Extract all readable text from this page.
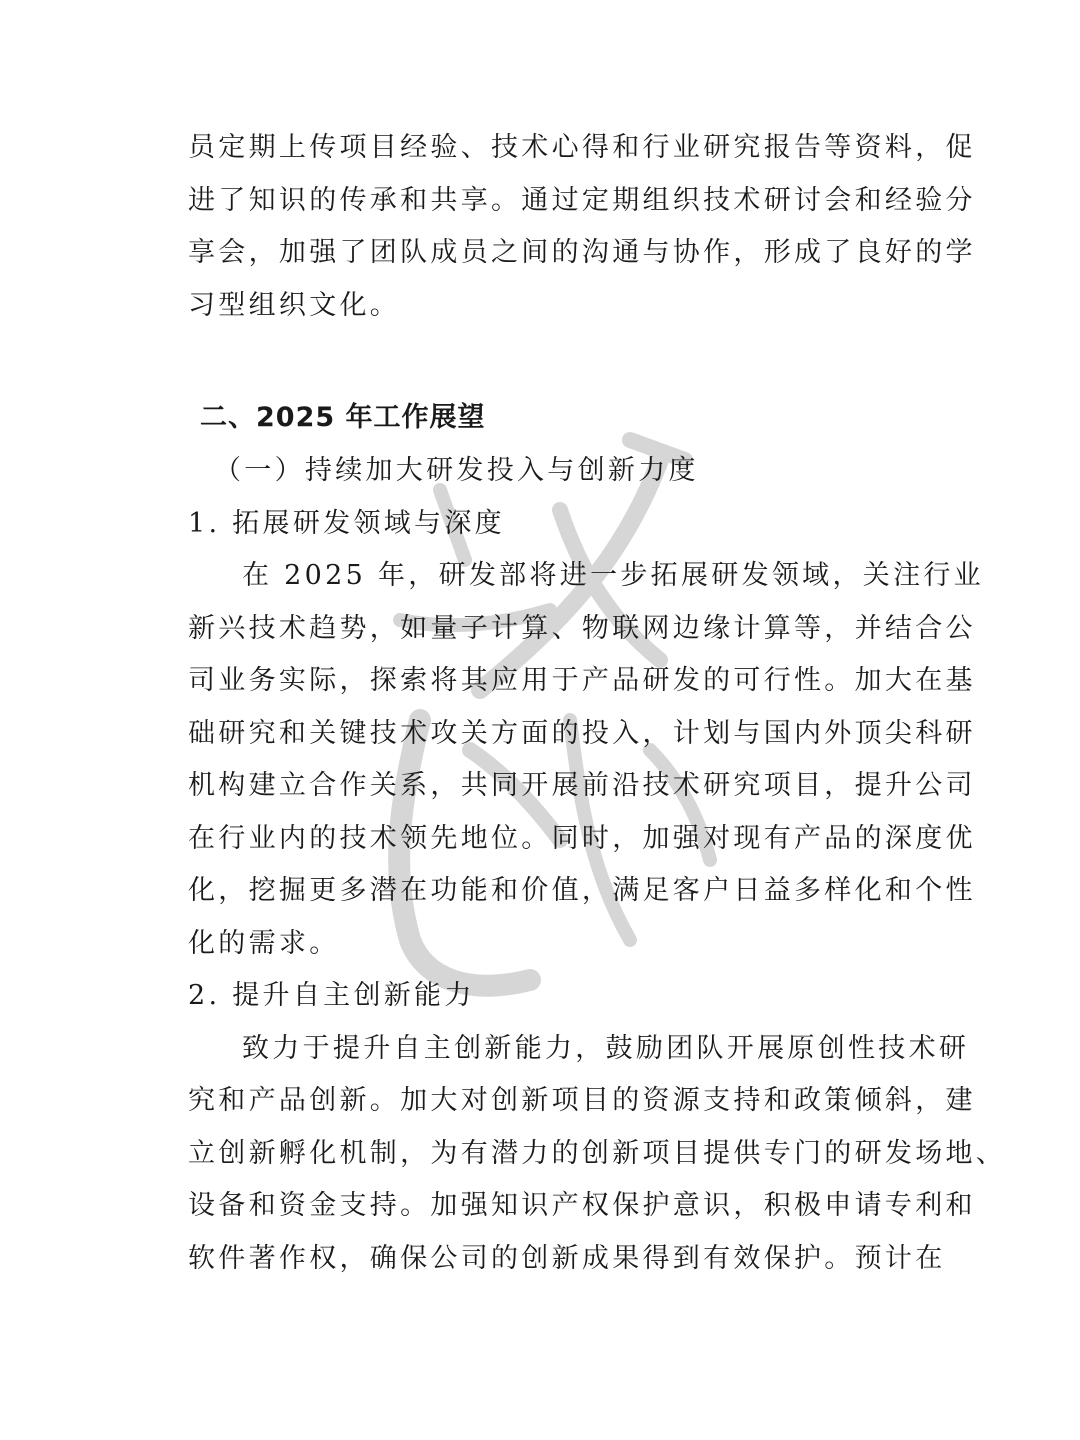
员定期上传项目经验、技术心得和行业研究报告等资料，促

进了知识的传承和共享。通过定期组织技术研讨会和经验分

享会，加强了团队成员之间的沟通与协作，形成了良好的学

习型组织文化。

二、2025 年工作展望

（一）持续加大研发投入与创新力度

1. 拓展研发领域与深度

在 2025 年，研发部将进一步拓展研发领域，关注行业

新兴技术趋势，如量子计算、物联网边缘计算等，并结合公

司业务实际，探索将其应用于产品研发的可行性。加大在基

础研究和关键技术攻关方面的投入，计划与国内外顶尖科研

机构建立合作关系，共同开展前沿技术研究项目，提升公司

在行业内的技术领先地位。同时，加强对现有产品的深度优

化，挖掘更多潜在功能和价值，满足客户日益多样化和个性

化的需求。

2. 提升自主创新能力

致力于提升自主创新能力，鼓励团队开展原创性技术研

究和产品创新。加大对创新项目的资源支持和政策倾斜，建

立创新孵化机制，为有潜力的创新项目提供专门的研发场地、

设备和资金支持。加强知识产权保护意识，积极申请专利和

软件著作权，确保公司的创新成果得到有效保护。预计在
